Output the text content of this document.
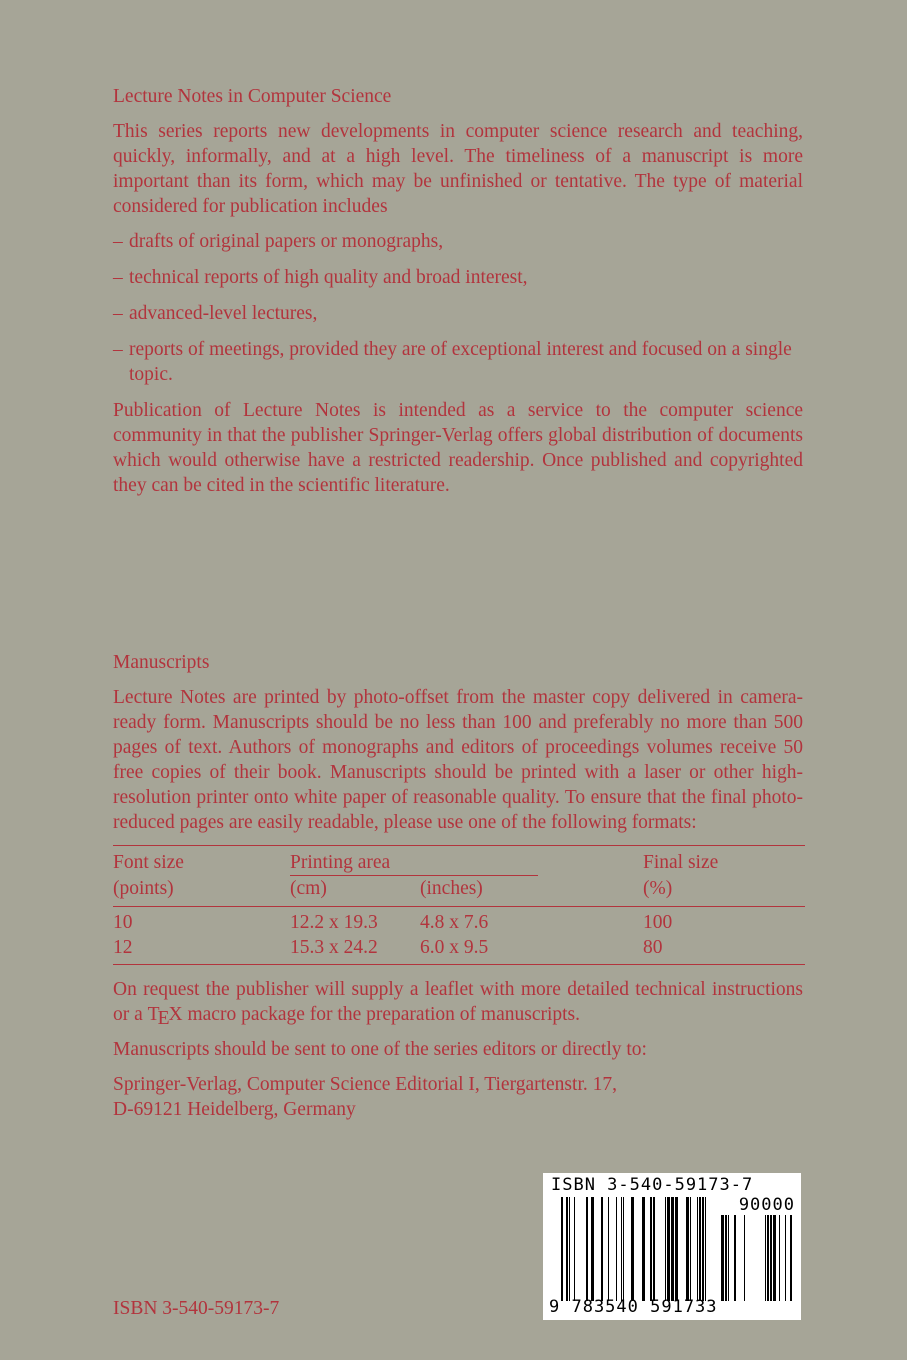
Lecture Notes in Computer Science

This series reports new developments in computer science research and teaching, quickly, informally, and at a high level. The timeliness of a manuscript is more important than its form, which may be unfinished or tentative. The type of material considered for publication includes

– drafts of original papers or monographs,
– technical reports of high quality and broad interest,
– advanced-level lectures,
– reports of meetings, provided they are of exceptional interest and focused on a single topic.

Publication of Lecture Notes is intended as a service to the computer science community in that the publisher Springer-Verlag offers global distribution of documents which would otherwise have a restricted readership. Once published and copyrighted they can be cited in the scientific literature.

Manuscripts

Lecture Notes are printed by photo-offset from the master copy delivered in camera-ready form. Manuscripts should be no less than 100 and preferably no more than 500 pages of text. Authors of monographs and editors of proceedings volumes receive 50 free copies of their book. Manuscripts should be printed with a laser or other high-resolution printer onto white paper of reasonable quality. To ensure that the final photo-reduced pages are easily readable, please use one of the following formats:

Font size	Printing area		Final size
(points)	(cm)	(inches)	(%)
10	12.2 x 19.3	4.8 x 7.6	100
12	15.3 x 24.2	6.0 x 9.5	80

On request the publisher will supply a leaflet with more detailed technical instructions or a TEX macro package for the preparation of manuscripts.

Manuscripts should be sent to one of the series editors or directly to:

Springer-Verlag, Computer Science Editorial I, Tiergartenstr. 17,
D-69121 Heidelberg, Germany
ISBN 3-540-59173-7
90000
9 783540 591733
ISBN 3-540-59173-7
